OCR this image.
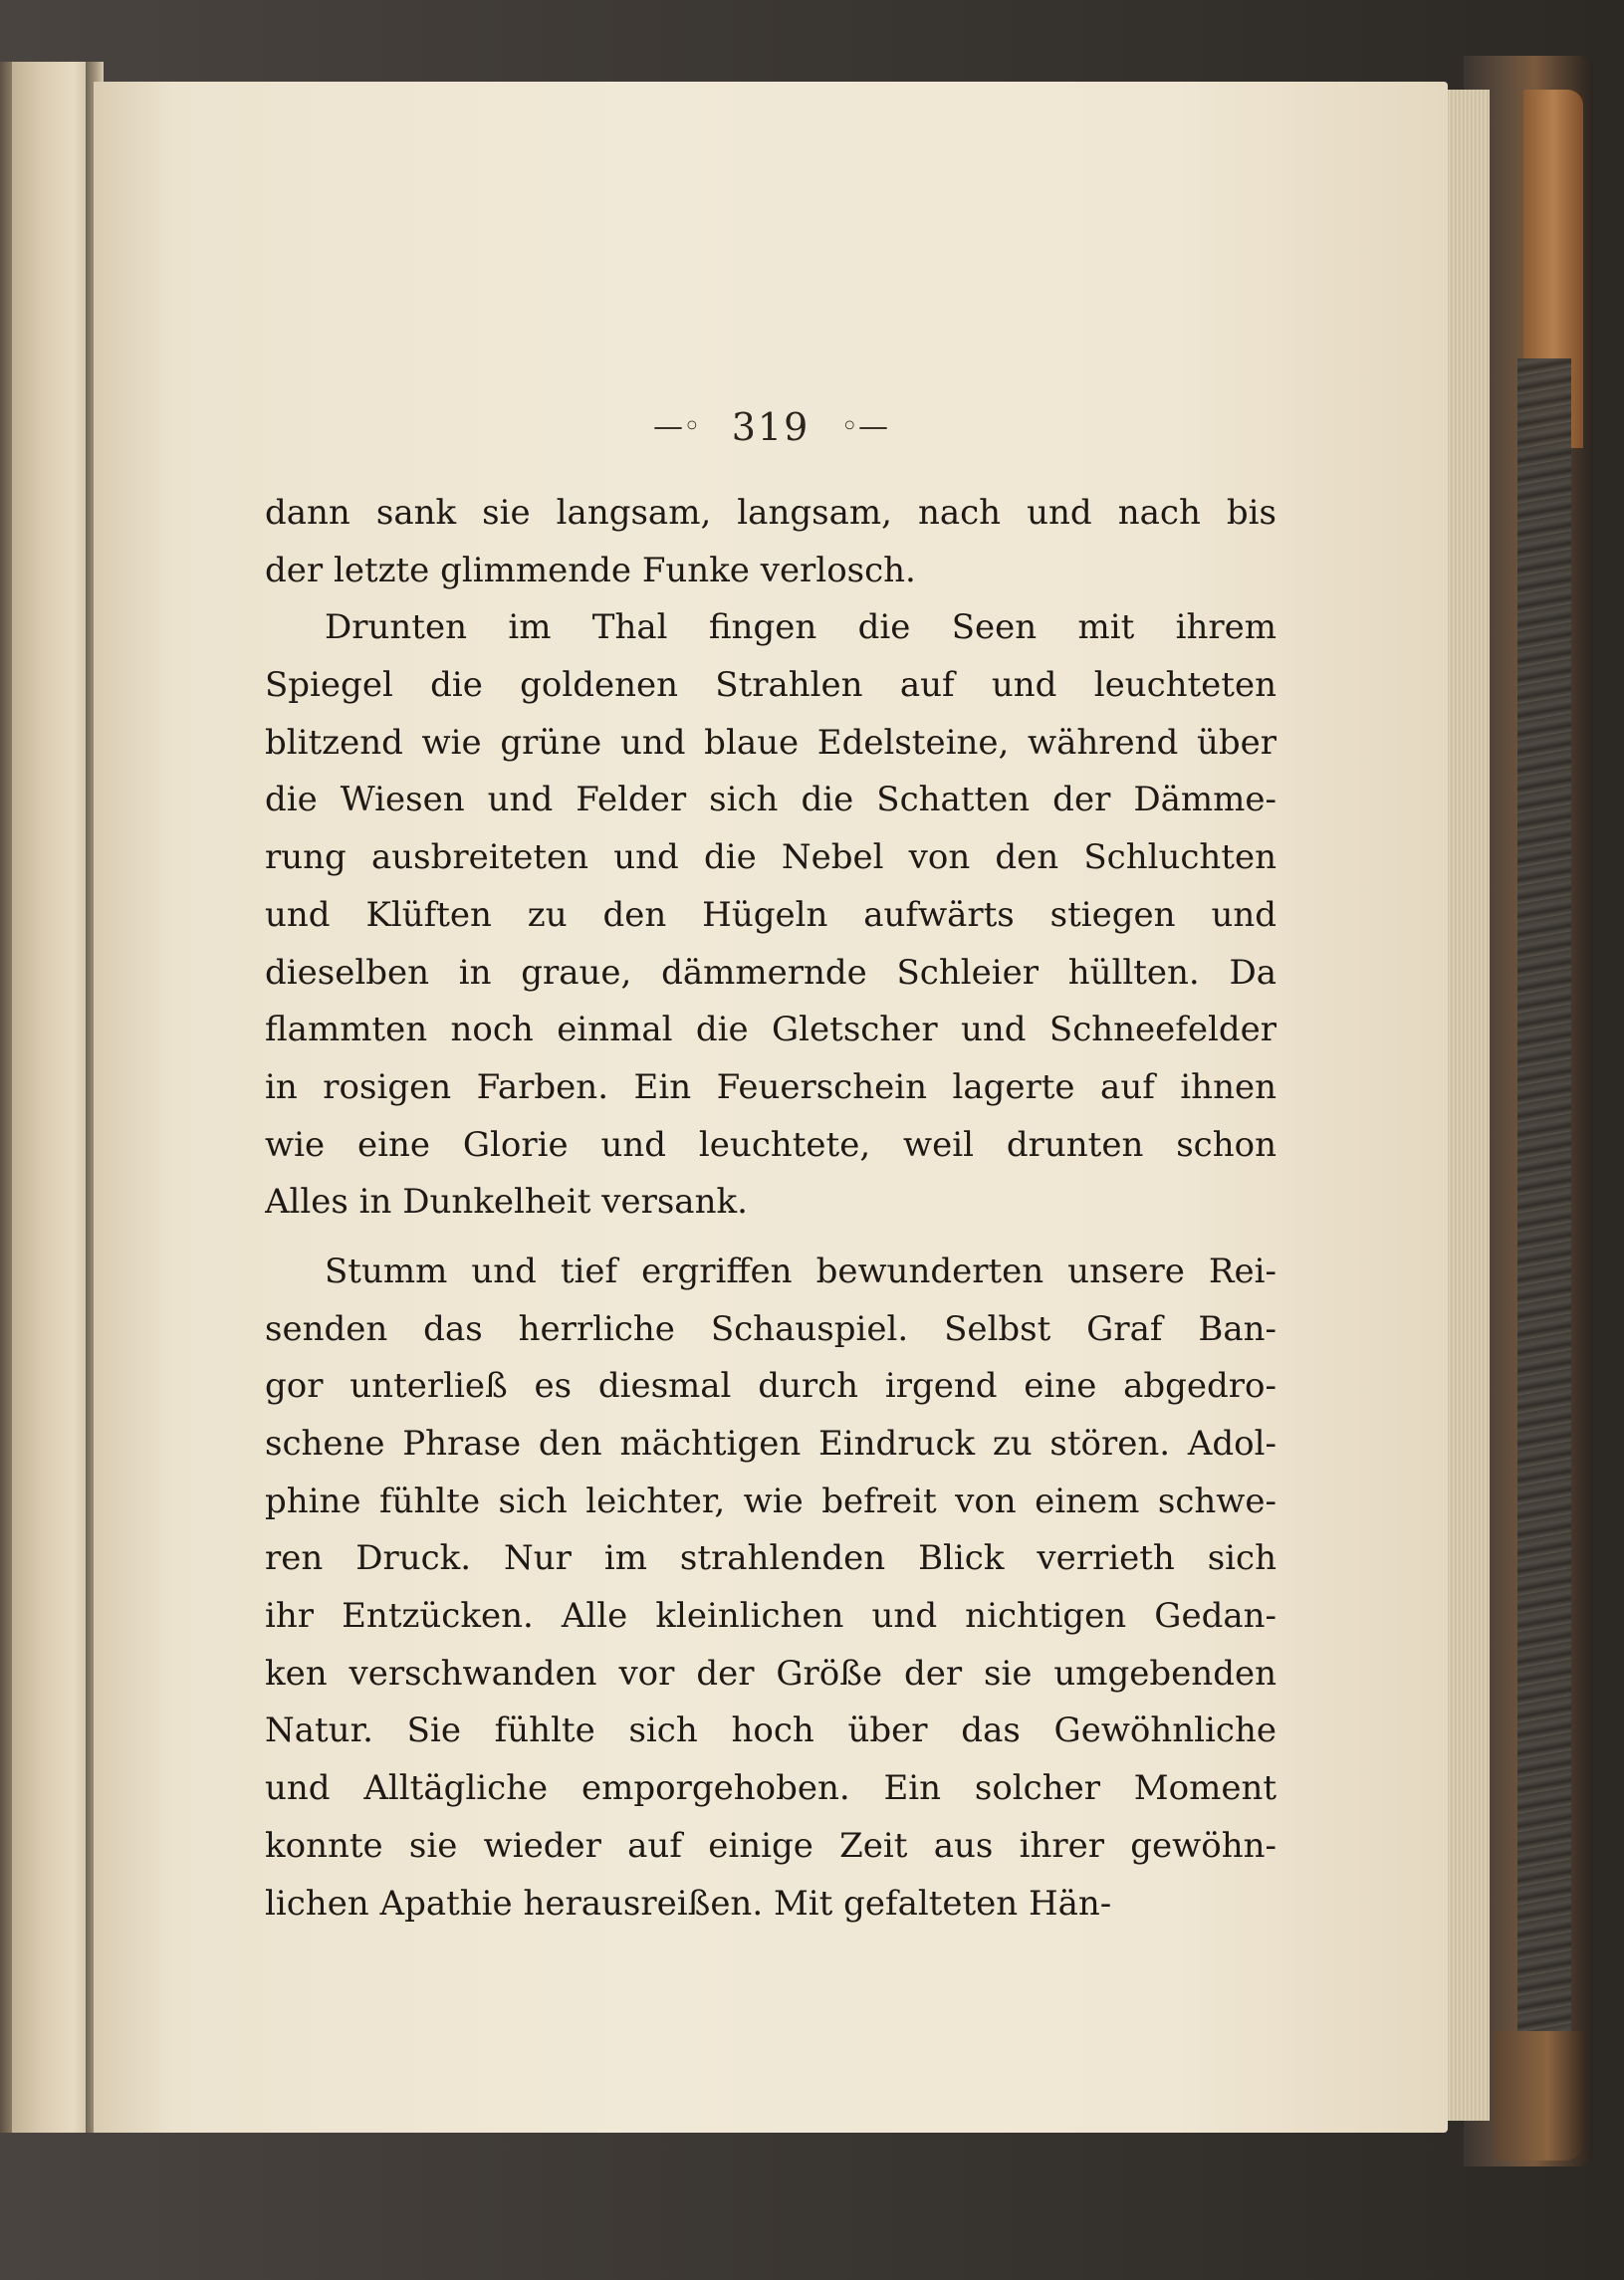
—◦ 319 ◦—
dann sank sie langsam, langsam, nach und nach bis
der letzte glimmende Funke verlosch.
Drunten im Thal fingen die Seen mit ihrem
Spiegel die goldenen Strahlen auf und leuchteten
blitzend wie grüne und blaue Edelsteine, während über
die Wiesen und Felder sich die Schatten der Dämme-
rung ausbreiteten und die Nebel von den Schluchten
und Klüften zu den Hügeln aufwärts stiegen und
dieselben in graue, dämmernde Schleier hüllten. Da
flammten noch einmal die Gletscher und Schneefelder
in rosigen Farben. Ein Feuerschein lagerte auf ihnen
wie eine Glorie und leuchtete, weil drunten schon
Alles in Dunkelheit versank.
Stumm und tief ergriffen bewunderten unsere Rei-
senden das herrliche Schauspiel. Selbst Graf Ban-
gor unterließ es diesmal durch irgend eine abgedro-
schene Phrase den mächtigen Eindruck zu stören. Adol-
phine fühlte sich leichter, wie befreit von einem schwe-
ren Druck. Nur im strahlenden Blick verrieth sich
ihr Entzücken. Alle kleinlichen und nichtigen Gedan-
ken verschwanden vor der Größe der sie umgebenden
Natur. Sie fühlte sich hoch über das Gewöhnliche
und Alltägliche emporgehoben. Ein solcher Moment
konnte sie wieder auf einige Zeit aus ihrer gewöhn-
lichen Apathie herausreißen. Mit gefalteten Hän-
